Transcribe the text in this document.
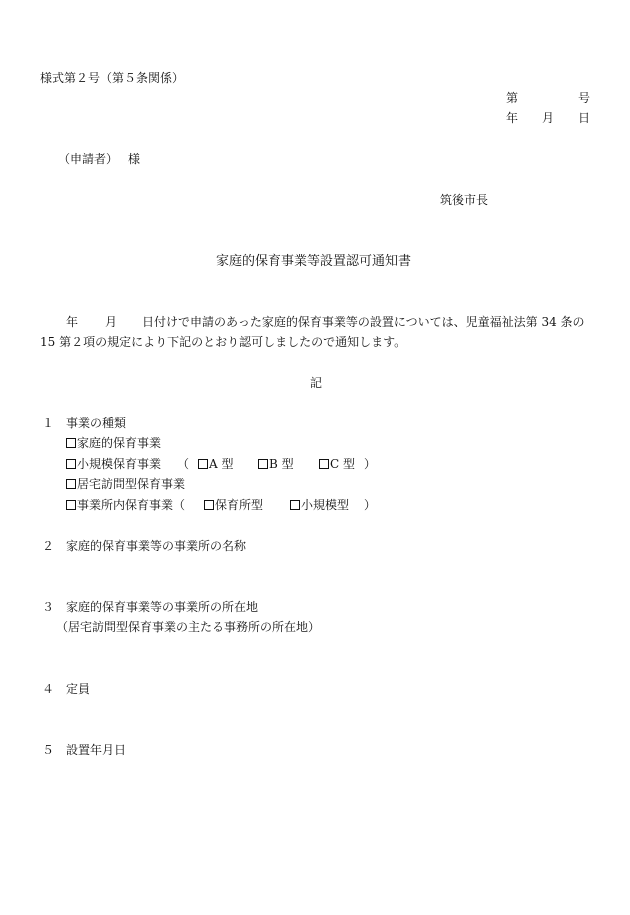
様式第２号（第５条関係）
第	号
年 月 日
（申請者） 様
筑後市長
家庭的保育事業等設置認可通知書
年 月 日付けで申請のあった家庭的保育事業等の設置については、児童福祉法第 34 条の
15 第２項の規定により下記のとおり認可しましたので通知します。
記
１ 事業の種類
家庭的保育事業
小規模保育事業 （	A 型	B 型	C 型 ）
居宅訪問型保育事業
事業所内保育事業（	保育所型	小規模型 ）
２ 家庭的保育事業等の事業所の名称
３ 家庭的保育事業等の事業所の所在地
（居宅訪問型保育事業の主たる事務所の所在地）
４ 定員
５ 設置年月日
